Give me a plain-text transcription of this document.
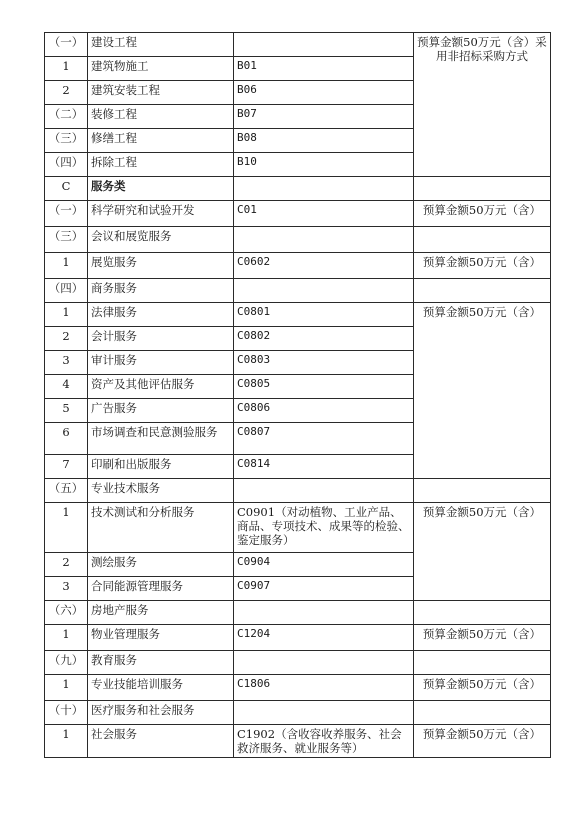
（一）	建设工程		预算金额50万元（含）采用非招标采购方式
1	建筑物施工	B01	
2	建筑安装工程	B06	
（二）	装修工程	B07	
（三）	修缮工程	B08	
（四）	拆除工程	B10	
C	服务类		
（一）	科学研究和试验开发	C01	预算金额50万元（含）
（三）	会议和展览服务		
1	展览服务	C0602	预算金额50万元（含）
（四）	商务服务		
1	法律服务	C0801	预算金额50万元（含）
2	会计服务	C0802	
3	审计服务	C0803	
4	资产及其他评估服务	C0805	
5	广告服务	C0806	
6	市场调查和民意测验服务	C0807	
7	印刷和出版服务	C0814	
（五）	专业技术服务		
1	技术测试和分析服务	C0901（对动植物、工业产品、商品、专项技术、成果等的检验、鉴定服务）	预算金额50万元（含）
2	测绘服务	C0904	
3	合同能源管理服务	C0907	
（六）	房地产服务		
1	物业管理服务	C1204	预算金额50万元（含）
（九）	教育服务		
1	专业技能培训服务	C1806	预算金额50万元（含）
（十）	医疗服务和社会服务		
1	社会服务	C1902（含收容收养服务、社会救济服务、就业服务等）	预算金额50万元（含）
